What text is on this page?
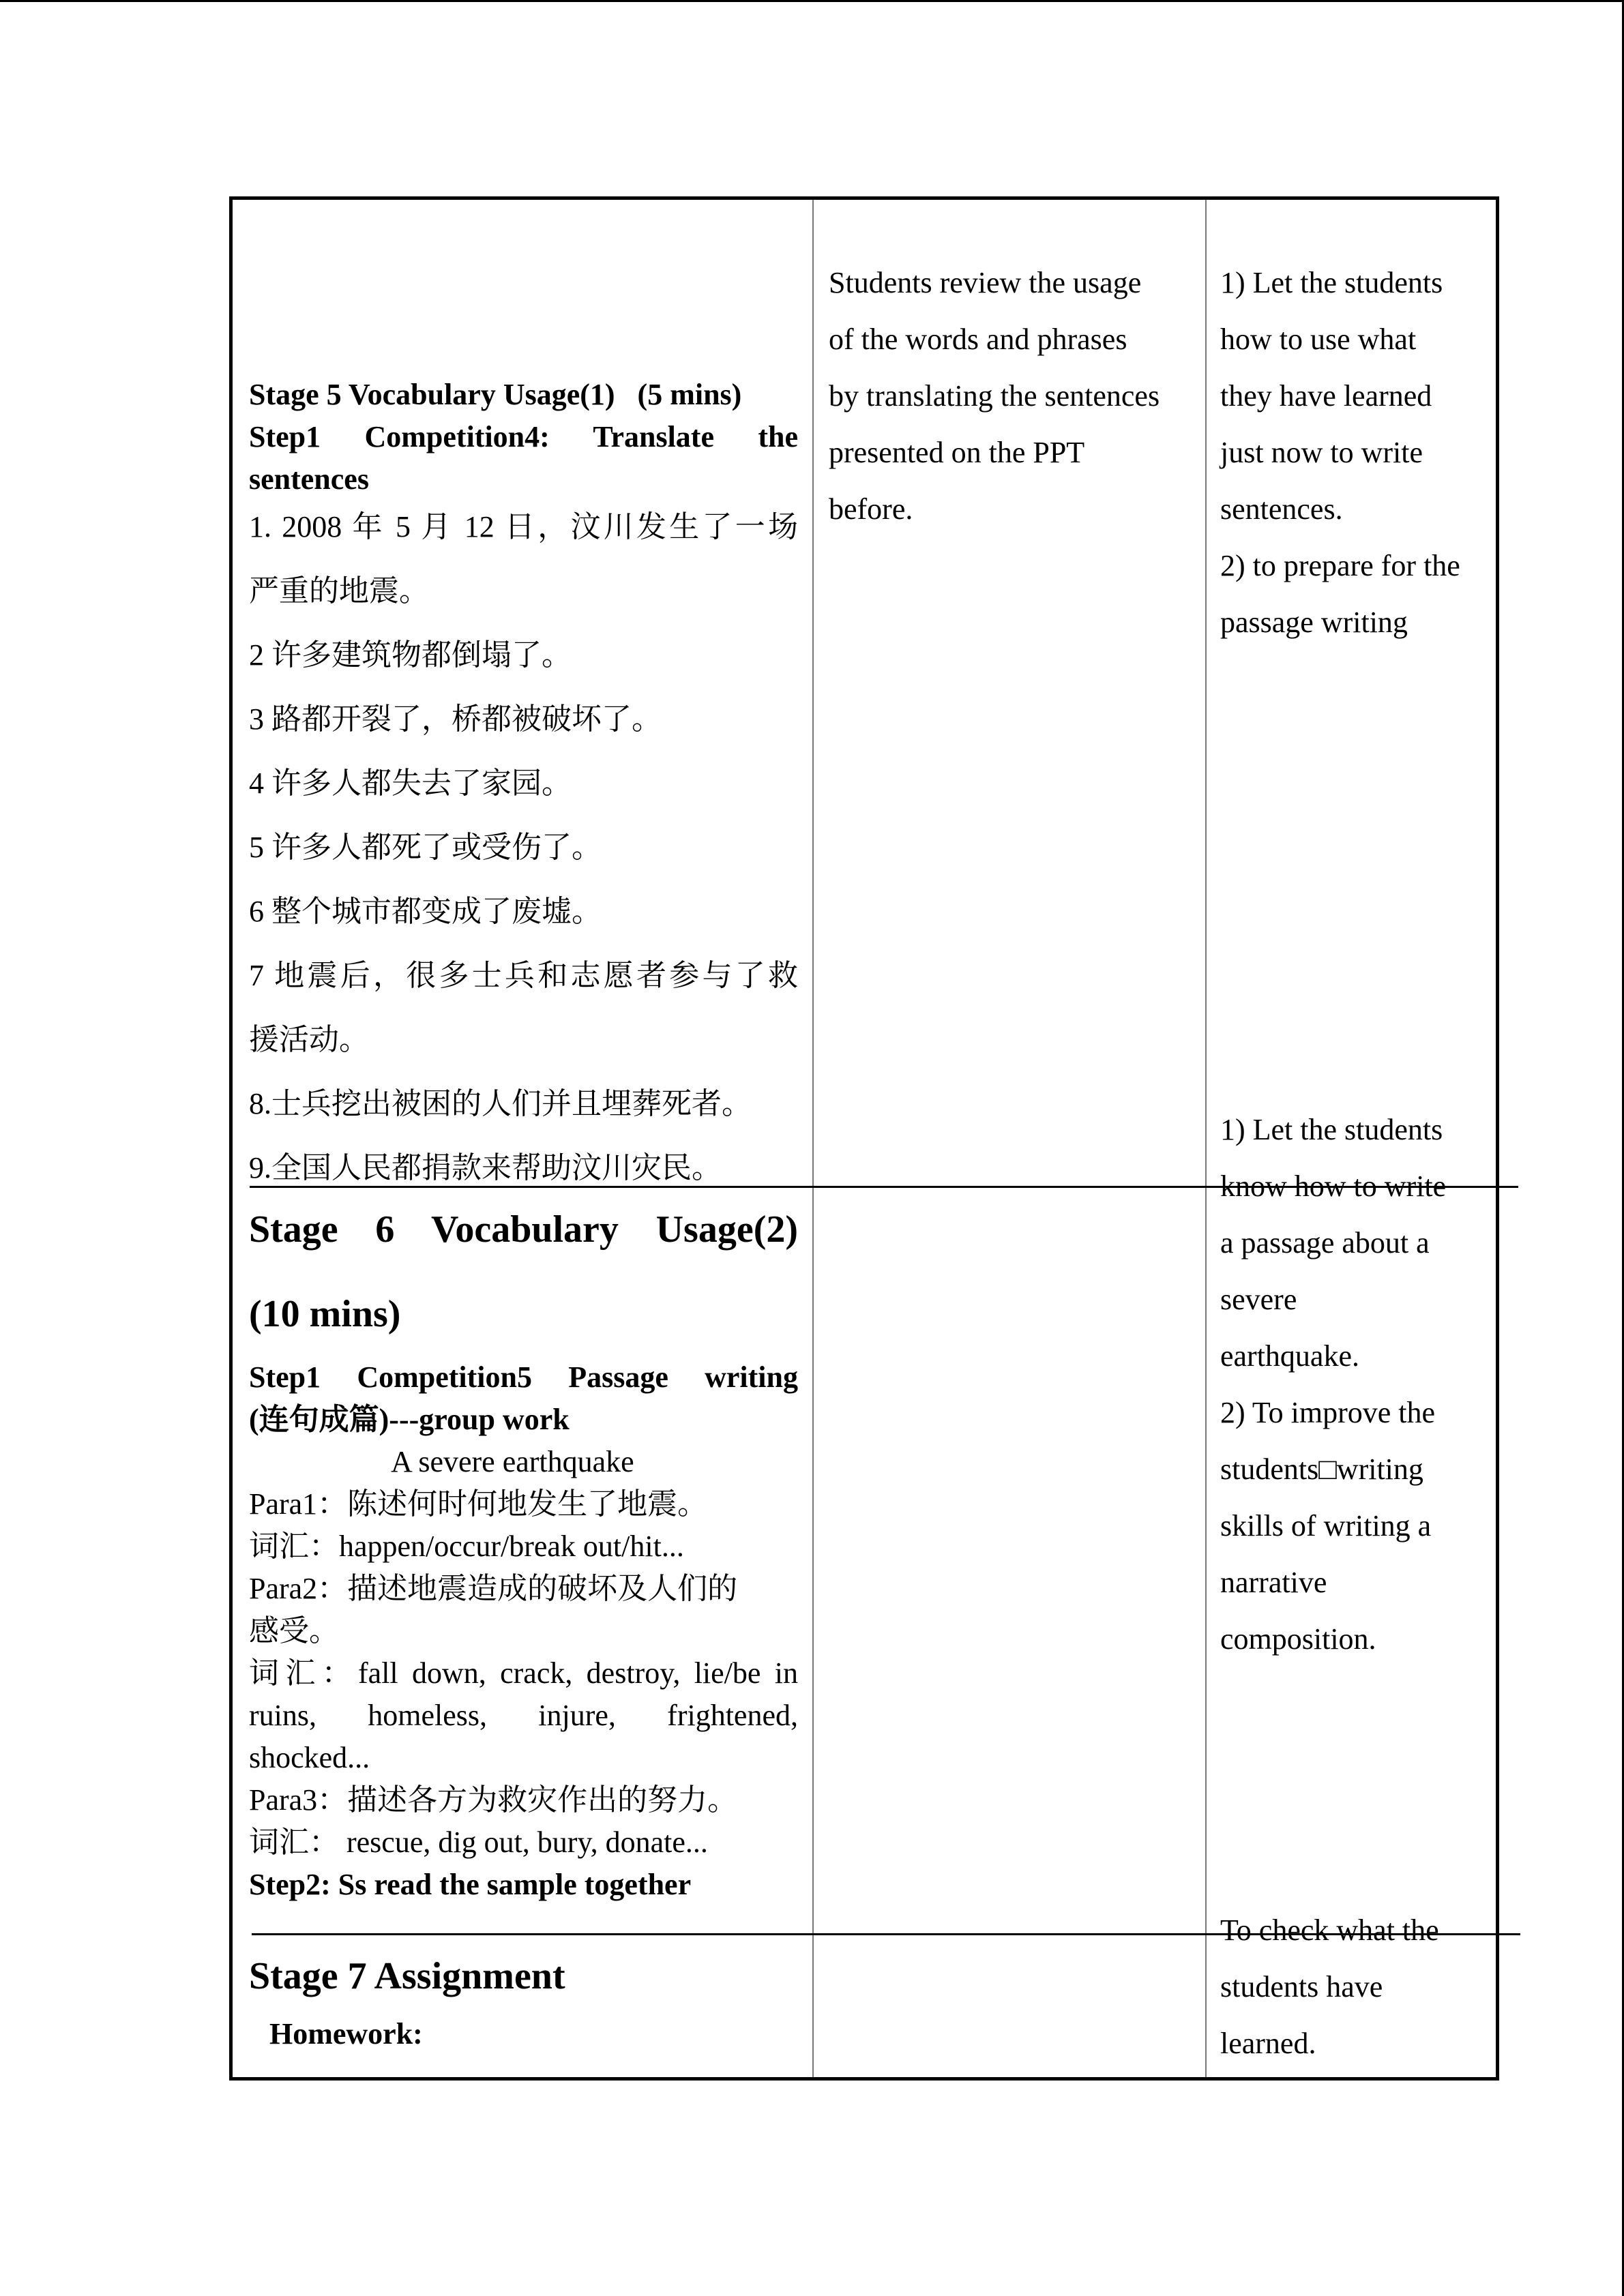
Stage 5 Vocabulary Usage(1)   (5 mins)

Step1 Competition4: Translate the

sentences

1. 2008 年 5 月 12 日，汶川发生了一场

严重的地震。

2 许多建筑物都倒塌了。

3 路都开裂了，桥都被破坏了。

4 许多人都失去了家园。

5 许多人都死了或受伤了。

6 整个城市都变成了废墟。

7 地震后，很多士兵和志愿者参与了救

援活动。

8.士兵挖出被困的人们并且埋葬死者。

9.全国人民都捐款来帮助汶川灾民。

Students review the usage

of the words and phrases

by translating the sentences

presented on the PPT

before.

1) Let the students

how to use what

they have learned

just now to write

sentences.

2) to prepare for the

passage writing

Stage 6 Vocabulary Usage(2)

(10 mins)

Step1 Competition5 Passage writing

(连句成篇)---group work

A severe earthquake

Para1：陈述何时何地发生了地震。

词汇：happen/occur/break out/hit...

Para2：描述地震造成的破坏及人们的

感受。

词汇：fall down, crack, destroy, lie/be in

ruins, homeless, injure, frightened,

shocked...

Para3：描述各方为救灾作出的努力。

词汇： rescue, dig out, bury, donate...

Step2: Ss read the sample together

1) Let the students

know how to write

a passage about a

severe

earthquake.

2) To improve the

students□writing

skills of writing a

narrative

composition.

Stage 7 Assignment

Homework:

To check what the

students have

learned.
